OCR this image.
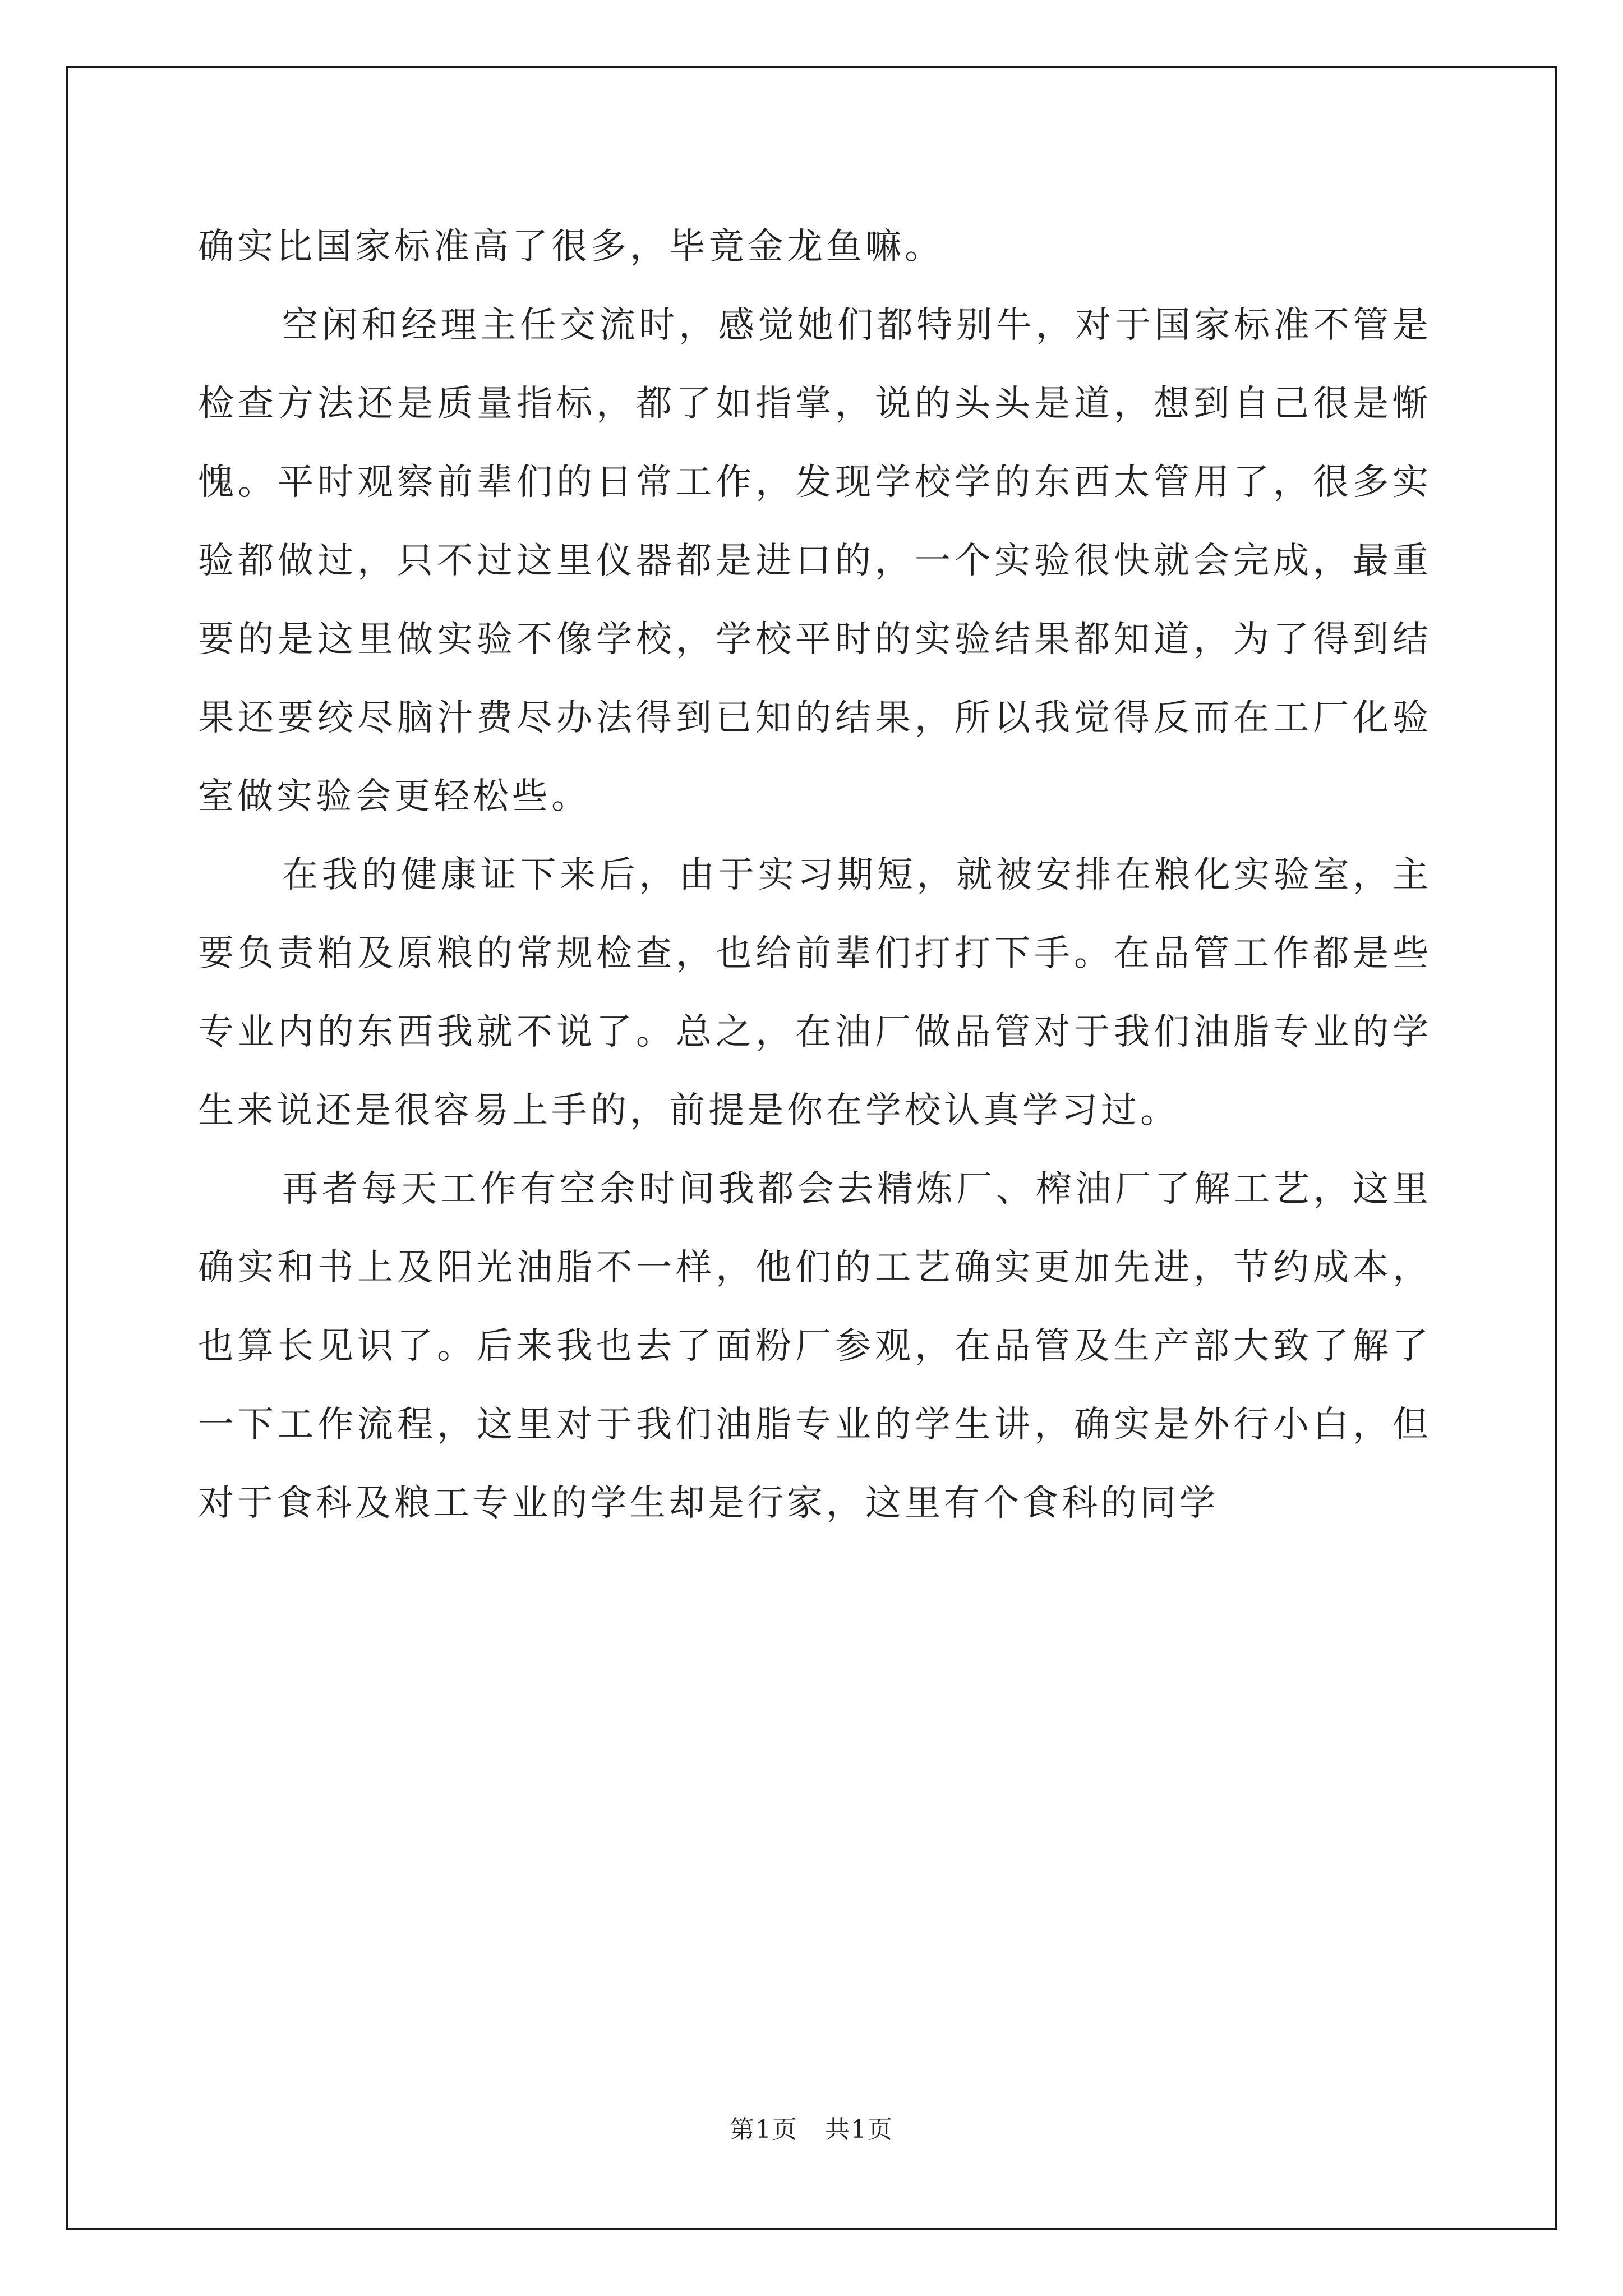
确实比国家标准高了很多，毕竟金龙鱼嘛。

空闲和经理主任交流时，感觉她们都特别牛，对于国家标准不管是检查方法还是质量指标，都了如指掌，说的头头是道，想到自己很是惭愧。平时观察前辈们的日常工作，发现学校学的东西太管用了，很多实验都做过，只不过这里仪器都是进口的，一个实验很快就会完成，最重要的是这里做实验不像学校，学校平时的实验结果都知道，为了得到结果还要绞尽脑汁费尽办法得到已知的结果，所以我觉得反而在工厂化验室做实验会更轻松些。

在我的健康证下来后，由于实习期短，就被安排在粮化实验室，主要负责粕及原粮的常规检查，也给前辈们打打下手。在品管工作都是些专业内的东西我就不说了。总之，在油厂做品管对于我们油脂专业的学生来说还是很容易上手的，前提是你在学校认真学习过。

再者每天工作有空余时间我都会去精炼厂、榨油厂了解工艺，这里确实和书上及阳光油脂不一样，他们的工艺确实更加先进，节约成本，也算长见识了。后来我也去了面粉厂参观，在品管及生产部大致了解了一下工作流程，这里对于我们油脂专业的学生讲，确实是外行小白，但对于食科及粮工专业的学生却是行家，这里有个食科的同学

第1页   共1页
